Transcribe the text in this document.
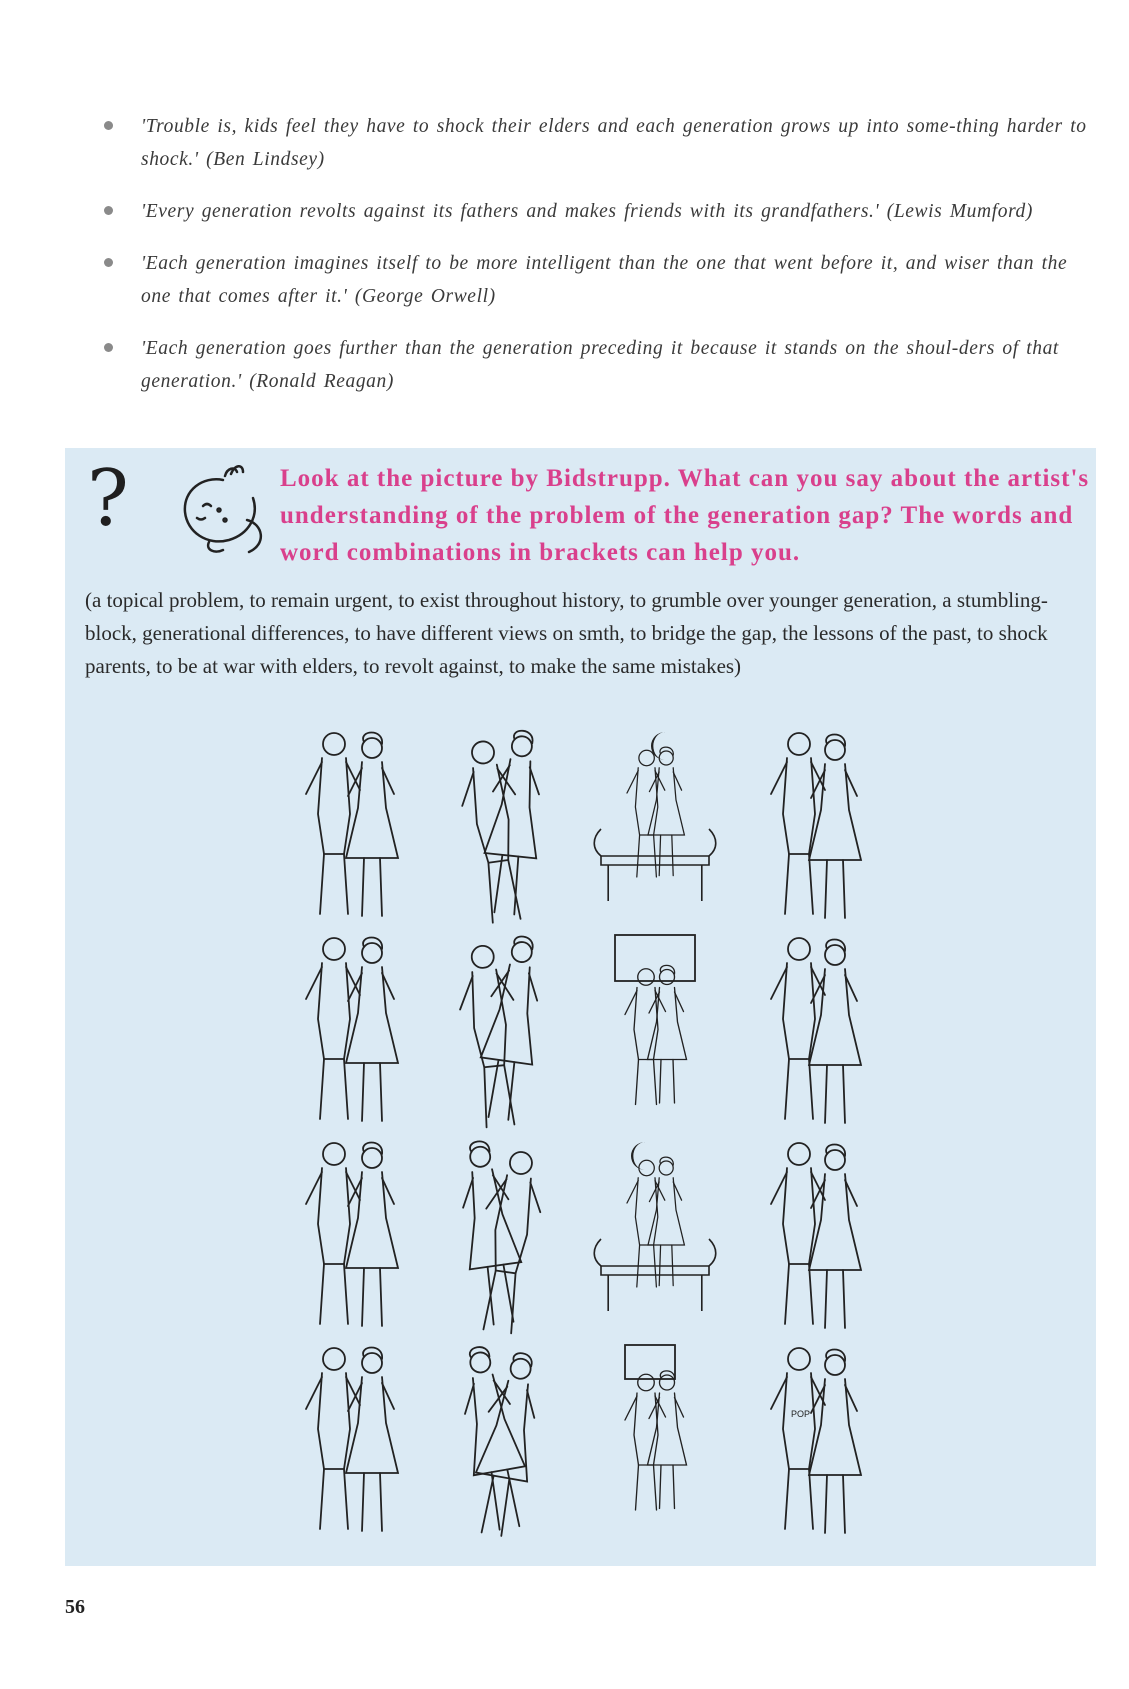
'Trouble is, kids feel they have to shock their elders and each generation grows up into some-thing harder to shock.' (Ben Lindsey)
'Every generation revolts against its fathers and makes friends with its grandfathers.' (Lewis Mumford)
'Each generation imagines itself to be more intelligent than the one that went before it, and wiser than the one that comes after it.' (George Orwell)
'Each generation goes further than the generation preceding it because it stands on the shoul-ders of that generation.' (Ronald Reagan)
?	Look at the picture by Bidstrupp. What can you say about the artist's understanding of the problem of the generation gap? The words and word combinations in brackets can help you.
(a topical problem, to remain urgent, to exist throughout history, to grumble over younger generation, a stumbling-block, generational differences, to have different views on smth, to bridge the gap, the lessons of the past, to shock parents, to be at war with elders, to revolt against, to make the same mistakes)
POP
56
